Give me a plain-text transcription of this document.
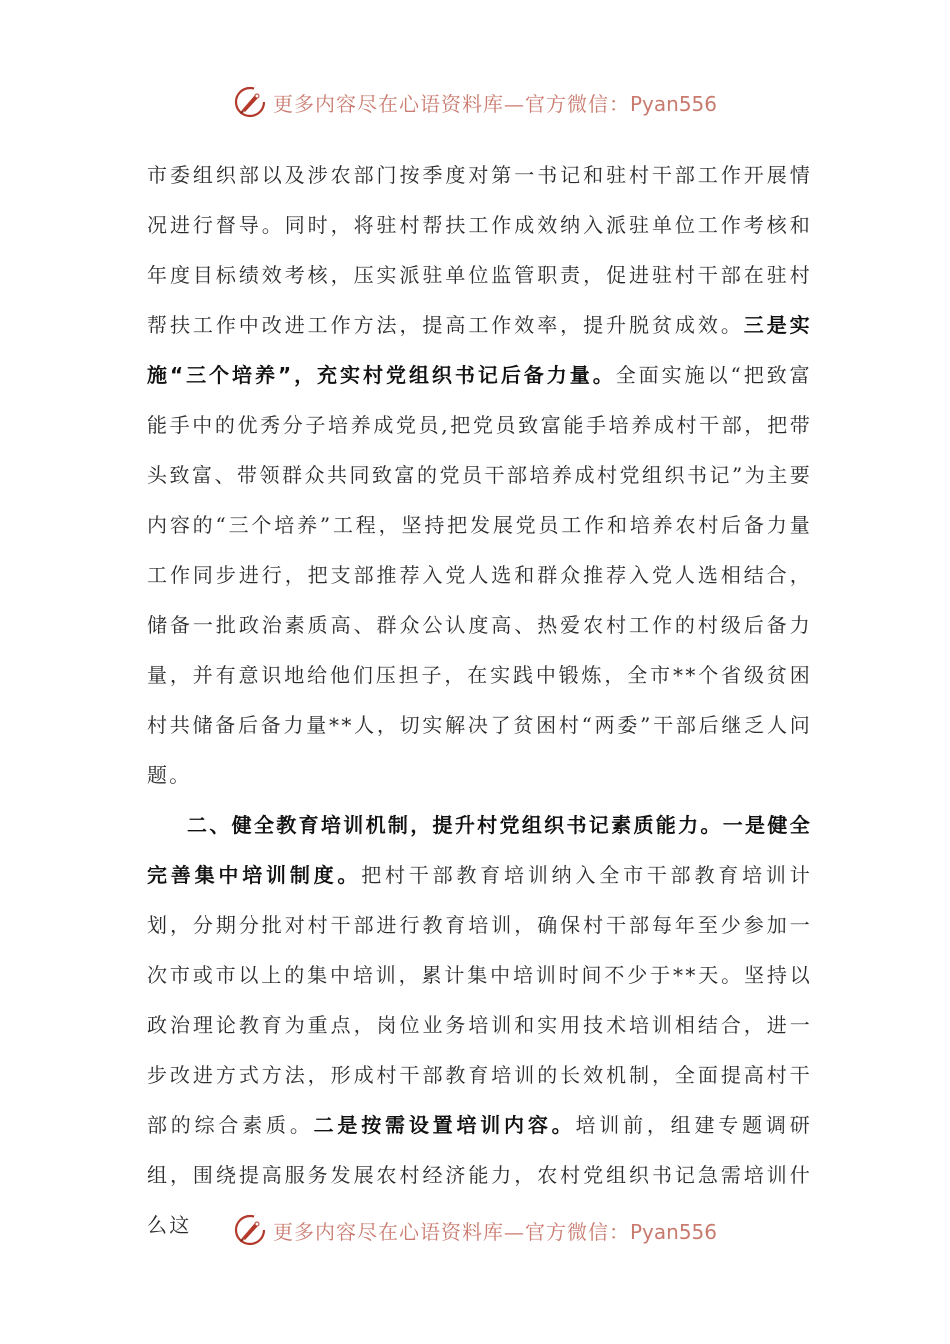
更多内容尽在心语资料库—官方微信：Pyan556

市委组织部以及涉农部门按季度对第一书记和驻村干部工作开展情况进行督导。同时，将驻村帮扶工作成效纳入派驻单位工作考核和年度目标绩效考核，压实派驻单位监管职责，促进驻村干部在驻村帮扶工作中改进工作方法，提高工作效率，提升脱贫成效。三是实施“三个培养”，充实村党组织书记后备力量。全面实施以“把致富能手中的优秀分子培养成党员,把党员致富能手培养成村干部，把带头致富、带领群众共同致富的党员干部培养成村党组织书记”为主要内容的“三个培养”工程，坚持把发展党员工作和培养农村后备力量工作同步进行，把支部推荐入党人选和群众推荐入党人选相结合，储备一批政治素质高、群众公认度高、热爱农村工作的村级后备力量，并有意识地给他们压担子，在实践中锻炼，全市**个省级贫困村共储备后备力量**人，切实解决了贫困村“两委”干部后继乏人问题。

二、健全教育培训机制，提升村党组织书记素质能力。一是健全完善集中培训制度。把村干部教育培训纳入全市干部教育培训计划，分期分批对村干部进行教育培训，确保村干部每年至少参加一次市或市以上的集中培训，累计集中培训时间不少于**天。坚持以政治理论教育为重点，岗位业务培训和实用技术培训相结合，进一步改进方式方法，形成村干部教育培训的长效机制，全面提高村干部的综合素质。二是按需设置培训内容。培训前，组建专题调研组，围绕提高服务发展农村经济能力，农村党组织书记急需培训什么这	更多内容尽在心语资料库—官方微信：Pyan556
